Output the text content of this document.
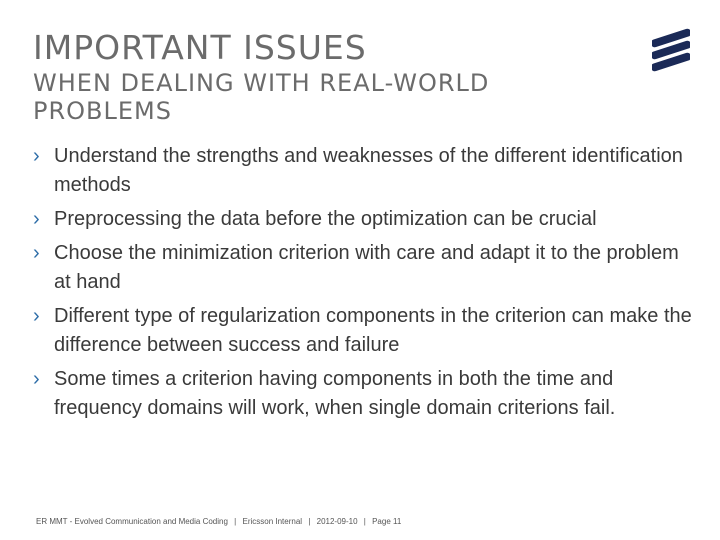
IMPORTANT ISSUES
WHEN DEALING WITH REAL-WORLD PROBLEMS
› Understand the strengths and weaknesses of the different identification methods
› Preprocessing the data before the optimization can be crucial
› Choose the minimization criterion with care and adapt it to the problem at hand
› Different type of regularization components in the criterion can make the difference between success and failure
› Some times a criterion having components in both the time and frequency domains will work, when single domain criterions fail.
ER MMT - Evolved Communication and Media Coding | Ericsson Internal | 2012-09-10 | Page 11
